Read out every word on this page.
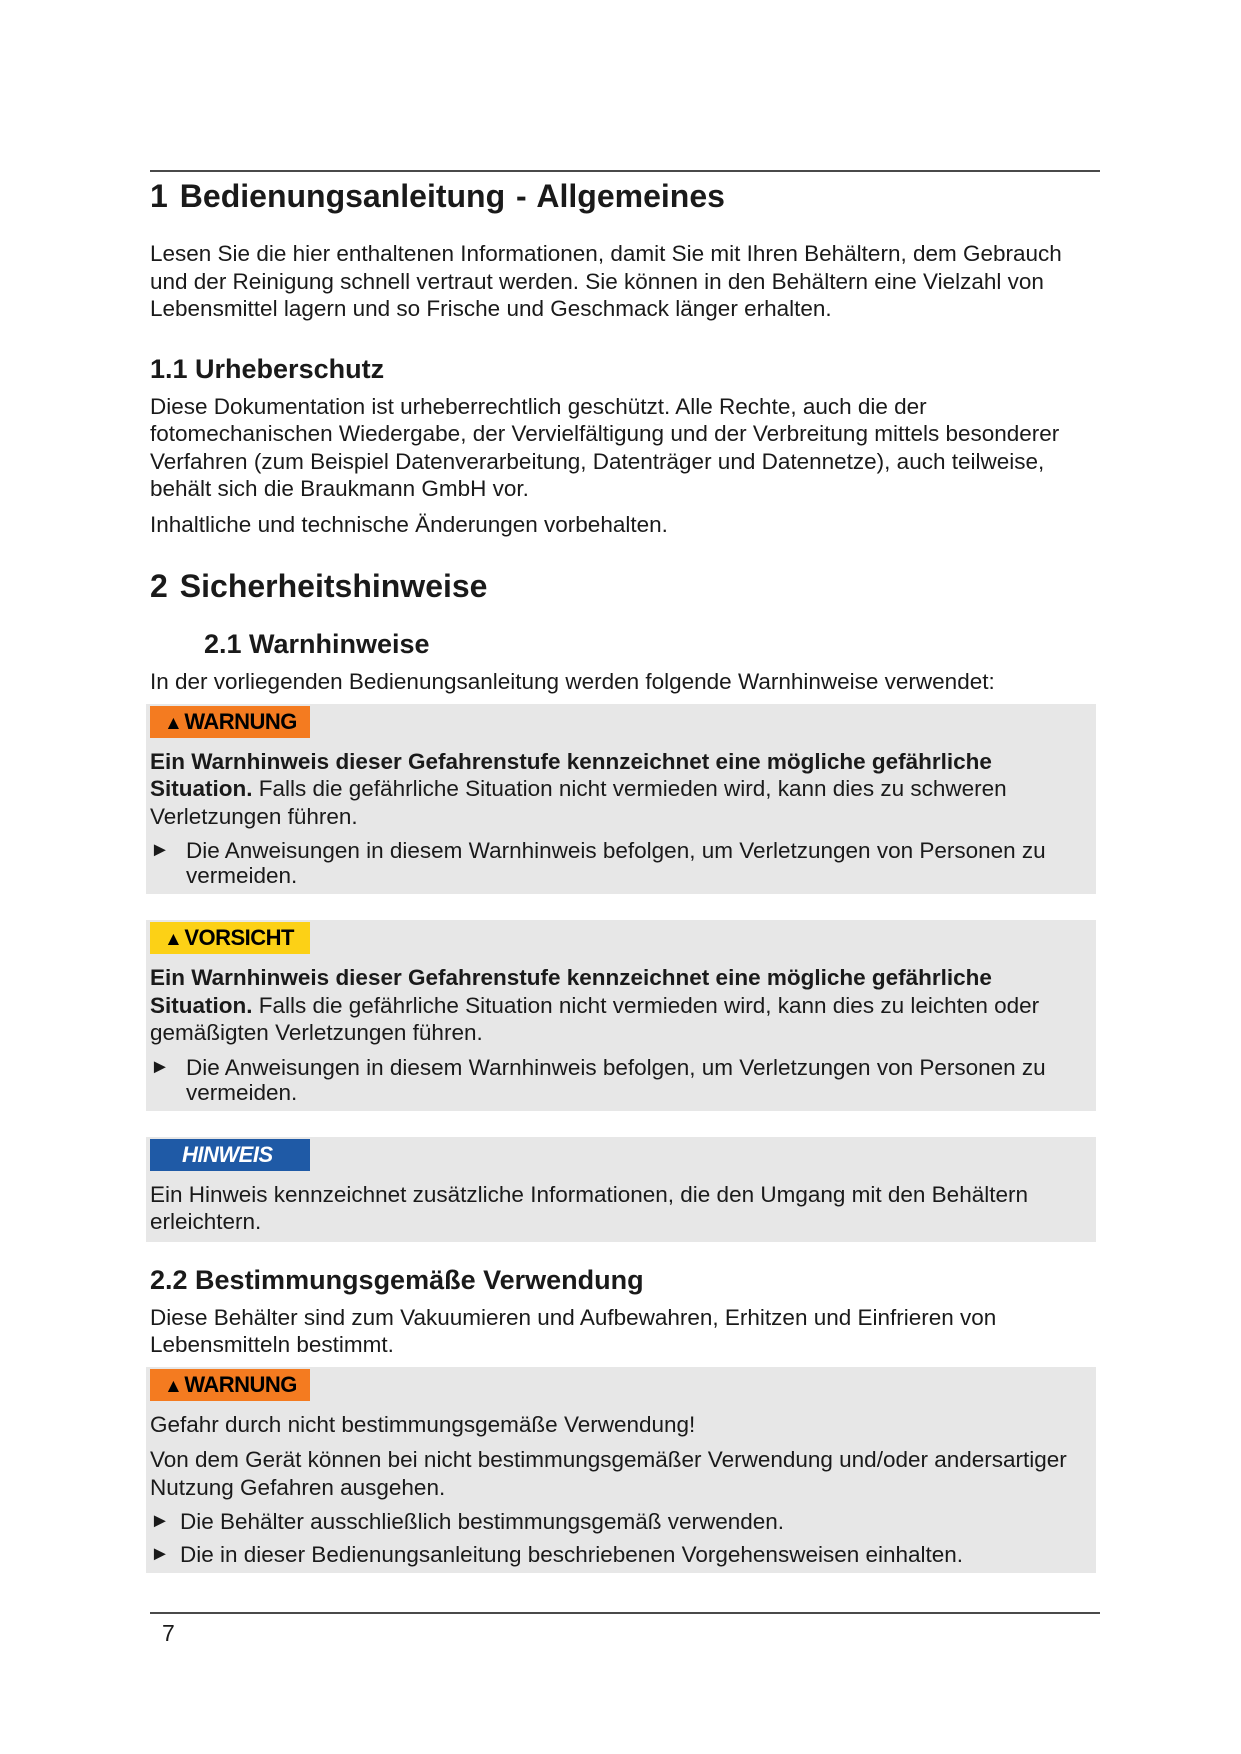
1 Bedienungsanleitung - Allgemeines

Lesen Sie die hier enthaltenen Informationen, damit Sie mit Ihren Behältern, dem Gebrauch und der Reinigung schnell vertraut werden. Sie können in den Behältern eine Vielzahl von Lebensmittel lagern und so Frische und Geschmack länger erhalten.

1.1 Urheberschutz

Diese Dokumentation ist urheberrechtlich geschützt. Alle Rechte, auch die der fotomechanischen Wiedergabe, der Vervielfältigung und der Verbreitung mittels besonderer Verfahren (zum Beispiel Datenverarbeitung, Datenträger und Datennetze), auch teilweise, behält sich die Braukmann GmbH vor.

Inhaltliche und technische Änderungen vorbehalten.

2 Sicherheitshinweise
2.1 Warnhinweise

In der vorliegenden Bedienungsanleitung werden folgende Warnhinweise verwendet:

▲WARNUNG

Ein Warnhinweis dieser Gefahrenstufe kennzeichnet eine mögliche gefährliche Situation. Falls die gefährliche Situation nicht vermieden wird, kann dies zu schweren Verletzungen führen.

► Die Anweisungen in diesem Warnhinweis befolgen, um Verletzungen von Personen zu vermeiden.
▲VORSICHT

Ein Warnhinweis dieser Gefahrenstufe kennzeichnet eine mögliche gefährliche Situation. Falls die gefährliche Situation nicht vermieden wird, kann dies zu leichten oder gemäßigten Verletzungen führen.

► Die Anweisungen in diesem Warnhinweis befolgen, um Verletzungen von Personen zu vermeiden.
HINWEIS

Ein Hinweis kennzeichnet zusätzliche Informationen, die den Umgang mit den Behältern erleichtern.

2.2 Bestimmungsgemäße Verwendung

Diese Behälter sind zum Vakuumieren und Aufbewahren, Erhitzen und Einfrieren von Lebensmitteln bestimmt.

▲WARNUNG

Gefahr durch nicht bestimmungsgemäße Verwendung!

Von dem Gerät können bei nicht bestimmungsgemäßer Verwendung und/oder andersartiger Nutzung Gefahren ausgehen.

► Die Behälter ausschließlich bestimmungsgemäß verwenden.
► Die in dieser Bedienungsanleitung beschriebenen Vorgehensweisen einhalten.
7
